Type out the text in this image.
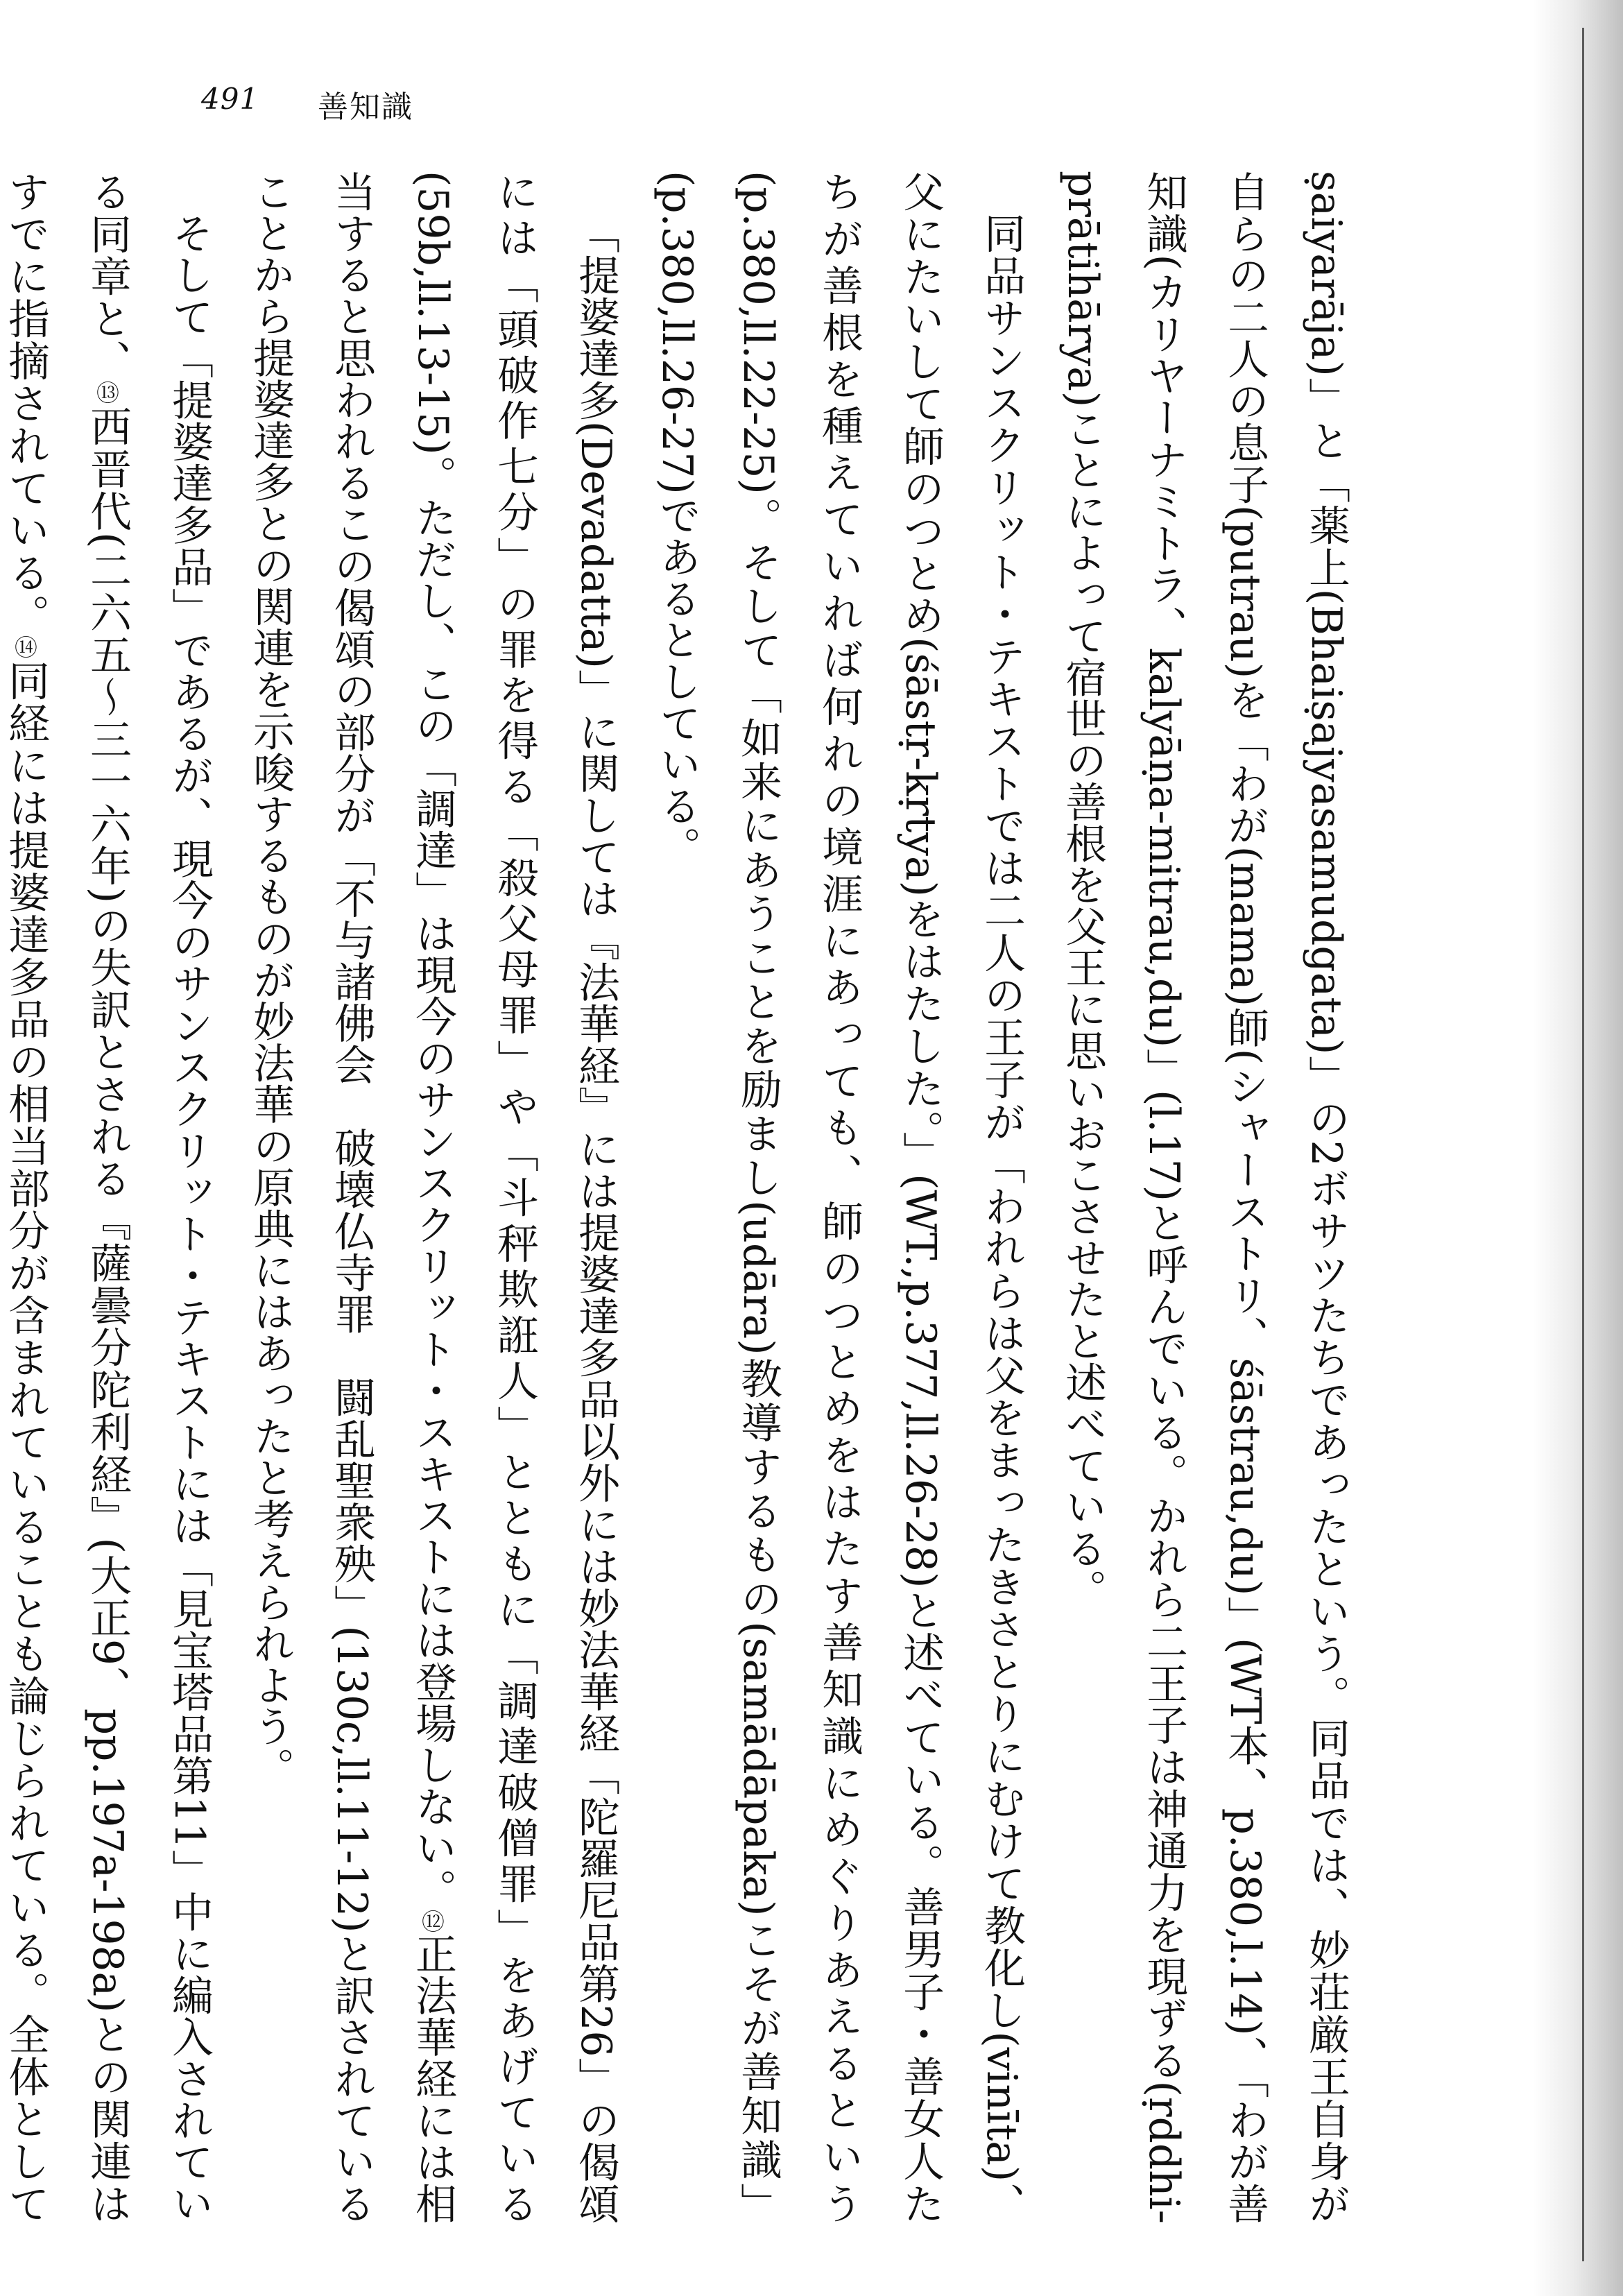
491 善知識

ṣaiyarāja)」と「薬上(Bhaiṣajyasamudgata)」の2ボサツたちであったという。同品では、妙荘厳王自身が自らの二人の息子(putrau)を「わが(mama)師(シャーストリ、śāstrau,du)」(WT本、p.380,l.14)、「わが善知識(カリヤーナミトラ、kalyāṇa-mitrau,du)」(l.17)と呼んでいる。かれら二王子は神通力を現ずる(ṛddhi-prātihārya)ことによって宿世の善根を父王に思いおこさせたと述べている。

同品サンスクリット・テキストでは二人の王子が「われらは父をまったきさとりにむけて教化し(vinīta)、父にたいして師のつとめ(śāstṛ-kṛtya)をはたした。」(WT.,p.377,ll.26-28)と述べている。善男子・善女人たちが善根を種えていれば何れの境涯にあっても、師のつとめをはたす善知識にめぐりあえるという(p.380,ll.22-25)。そして「如来にあうことを励まし(udāra)教導するもの(samādāpaka)こそが善知識」(p.380,ll.26-27)であるとしている。

「提婆達多(Devadatta)」に関しては『法華経』には提婆達多品以外には妙法華経「陀羅尼品第26」の偈頌には「頭破作七分」の罪を得る「殺父母罪」や「斗秤欺誑人」とともに「調達破僧罪」をあげている(59b,ll.13-15)。ただし、この「調達」は現今のサンスクリット・スキストには登場しない。⑫正法華経には相当すると思われるこの偈頌の部分が「不与諸佛会　破壊仏寺罪　闘乱聖衆殃」(130c,ll.11-12)と訳されていることから提婆達多との関連を示唆するものが妙法華の原典にはあったと考えられよう。

そして「提婆達多品」であるが、現今のサンスクリット・テキストには「見宝塔品第11」中に編入されている同章と、⑬西晋代(二六五〜三一六年)の失訳とされる『薩曇分陀利経』(大正9、pp.197a-198a)との関連はすでに指摘されている。⑭同経には提婆達多品の相当部分が含まれていることも論じられている。全体として
